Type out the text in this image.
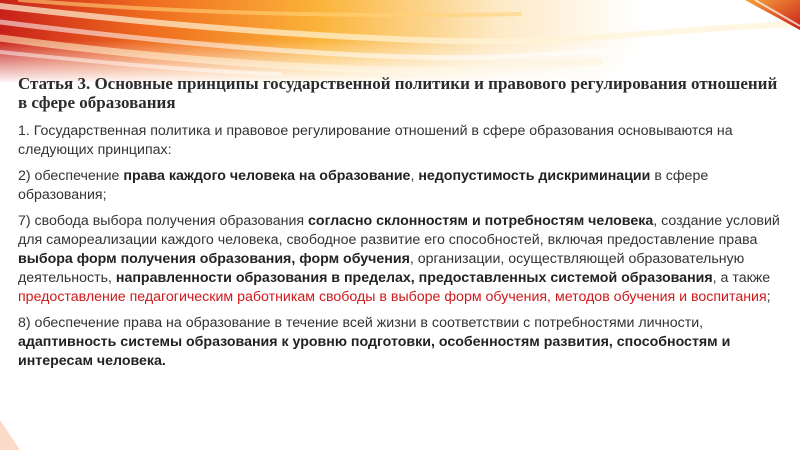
Статья 3. Основные принципы государственной политики и правового регулирования отношений в сфере образования
1. Государственная политика и правовое регулирование отношений в сфере образования основываются на следующих принципах:
2) обеспечение права каждого человека на образование, недопустимость дискриминации в сфере образования;
7) свобода выбора получения образования согласно склонностям и потребностям человека, создание условий для самореализации каждого человека, свободное развитие его способностей, включая предоставление права выбора форм получения образования, форм обучения, организации, осуществляющей образовательную деятельность, направленности образования в пределах, предоставленных системой образования, а также предоставление педагогическим работникам свободы в выборе форм обучения, методов обучения и воспитания;
8) обеспечение права на образование в течение всей жизни в соответствии с потребностями личности, адаптивность системы образования к уровню подготовки, особенностям развития, способностям и интересам человека.
